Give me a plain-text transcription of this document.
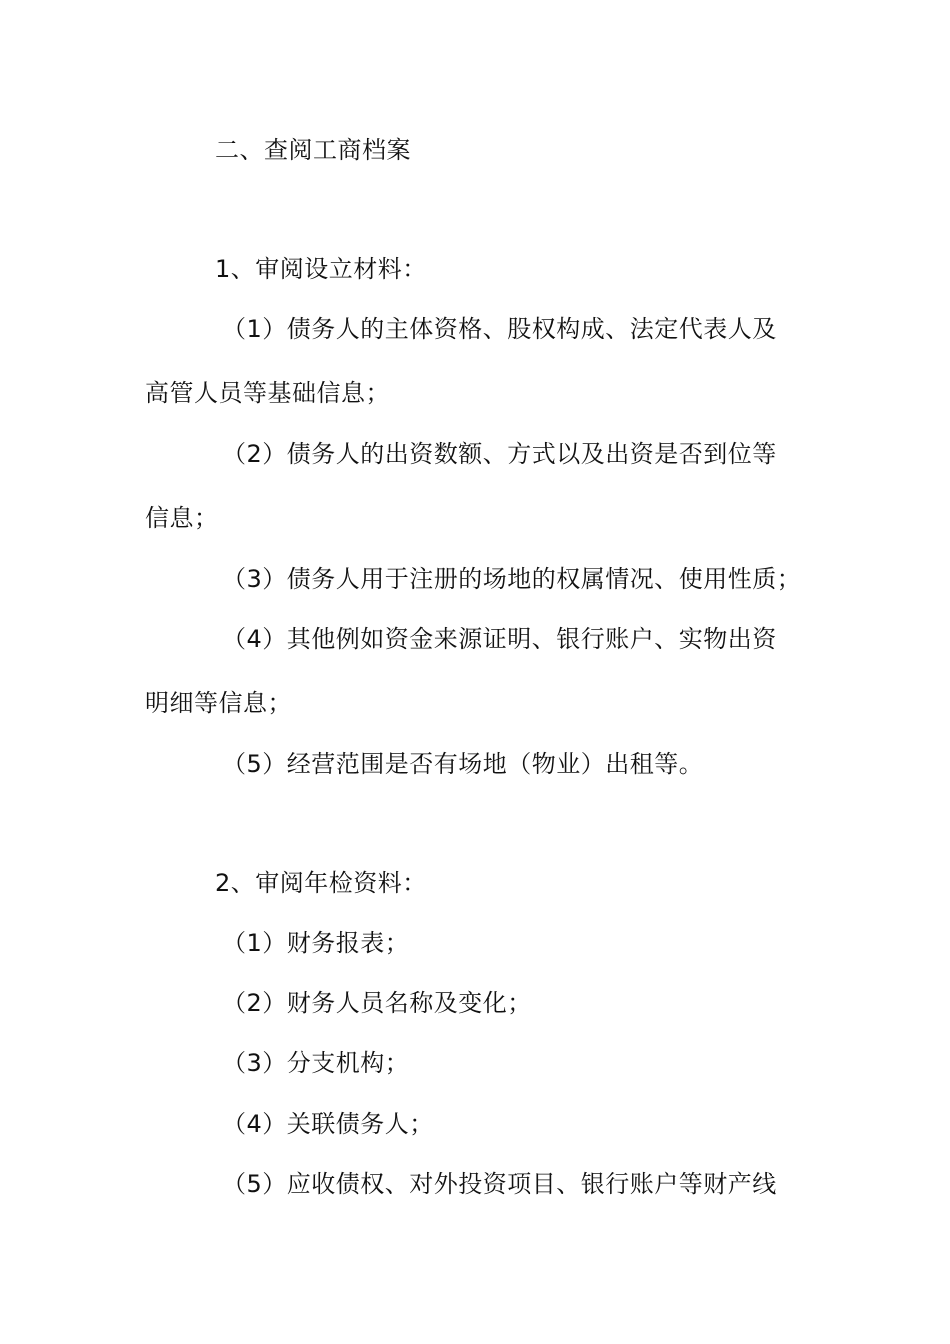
二、查阅工商档案
1、审阅设立材料：
（1）债务人的主体资格、股权构成、法定代表人及
高管人员等基础信息；
（2）债务人的出资数额、方式以及出资是否到位等
信息；
（3）债务人用于注册的场地的权属情况、使用性质；
（4）其他例如资金来源证明、银行账户、实物出资
明细等信息；
（5）经营范围是否有场地（物业）出租等。
2、审阅年检资料：
（1）财务报表；
（2）财务人员名称及变化；
（3）分支机构；
（4）关联债务人；
（5）应收债权、对外投资项目、银行账户等财产线
